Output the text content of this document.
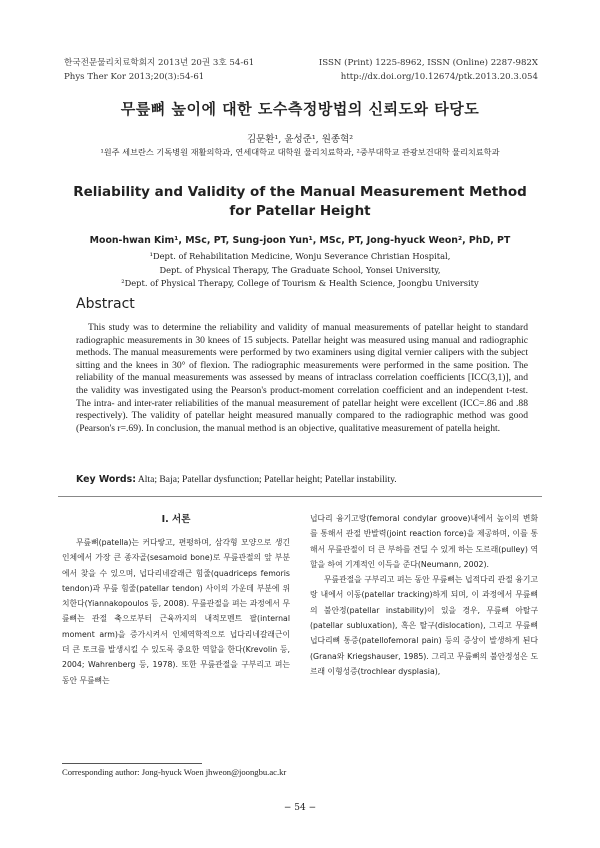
한국전문물리치료학회지 2013년 20권 3호 54-61
Phys Ther Kor 2013;20(3):54-61
ISSN (Print) 1225-8962, ISSN (Online) 2287-982X
http://dx.doi.org/10.12674/ptk.2013.20.3.054
무릎뼈 높이에 대한 도수측정방법의 신뢰도와 타당도
김문환¹, 윤성준¹, 원종혁²
¹원주 세브란스 기독병원 재활의학과, 연세대학교 대학원 물리치료학과, ²중부대학교 관광보건대학 물리치료학과
Reliability and Validity of the Manual Measurement Method
for Patellar Height
Moon-hwan Kim¹, MSc, PT, Sung-joon Yun¹, MSc, PT, Jong-hyuck Weon², PhD, PT
¹Dept. of Rehabilitation Medicine, Wonju Severance Christian Hospital,
Dept. of Physical Therapy, The Graduate School, Yonsei University,
²Dept. of Physical Therapy, College of Tourism & Health Science, Joongbu University
Abstract
This study was to determine the reliability and validity of manual measurements of patellar height to standard radiographic measurements in 30 knees of 15 subjects. Patellar height was measured using manual and radiographic methods. The manual measurements were performed by two examiners using digital vernier calipers with the subject sitting and the knees in 30° of flexion. The radiographic measurements were performed in the same position. The reliability of the manual measurements was assessed by means of intraclass correlation coefficients [ICC(3,1)], and the validity was investigated using the Pearson's product-moment correlation coefficient and an independent t-test. The intra- and inter-rater reliabilities of the manual measurement of patellar height were excellent (ICC=.86 and .88 respectively). The validity of patellar height measured manually compared to the radiographic method was good (Pearson's r=.69). In conclusion, the manual method is an objective, qualitative measurement of patella height.
Key Words: Alta; Baja; Patellar dysfunction; Patellar height; Patellar instability.
Ⅰ. 서론

무릎뼈(patella)는 커다랗고, 편평하며, 삼각형 모양으로 생긴 인체에서 가장 큰 종자골(sesamoid bone)로 무릎관절의 앞 부분에서 찾을 수 있으며, 넙다리네갈래근 힘줄(quadriceps femoris tendon)과 무릎 힘줄(patellar tendon) 사이의 가운데 부분에 위치한다(Yiannakopoulos 등, 2008). 무릎관절을 펴는 과정에서 무릎뼈는 관절 축으로부터 근육까지의 내적모멘트 팔(internal moment arm)을 증가시켜서 인체역학적으로 넙다리네갈래근이 더 큰 토크를 발생시킬 수 있도록 중요한 역할을 한다(Krevolin 등, 2004; Wahrenberg 등, 1978). 또한 무릎관절을 구부리고 펴는 동안 무릎뼈는

넙다리 융기고랑(femoral condylar groove)내에서 높이의 변화를 통해서 관절 반발력(joint reaction force)을 제공하며, 이를 통해서 무릎관절이 더 큰 부하를 견딜 수 있게 하는 도르래(pulley) 역할을 하여 기계적인 이득을 준다(Neumann, 2002).

무릎관절을 구부리고 펴는 동안 무릎뼈는 넙적다리 관절 융기고랑 내에서 이동(patellar tracking)하게 되며, 이 과정에서 무릎뼈의 불안정(patellar instability)이 있을 경우, 무릎뼈 아탈구(patellar subluxation), 혹은 탈구(dislocation), 그리고 무릎뼈넙다리뼈 통증(patellofemoral pain) 등의 증상이 발생하게 된다(Grana와 Kriegshauser, 1985). 그리고 무릎뼈의 불안정성은 도르래 이형성증(trochlear dysplasia),

Corresponding author: Jong-hyuck Woen jhweon@joongbu.ac.kr
− 54 −
